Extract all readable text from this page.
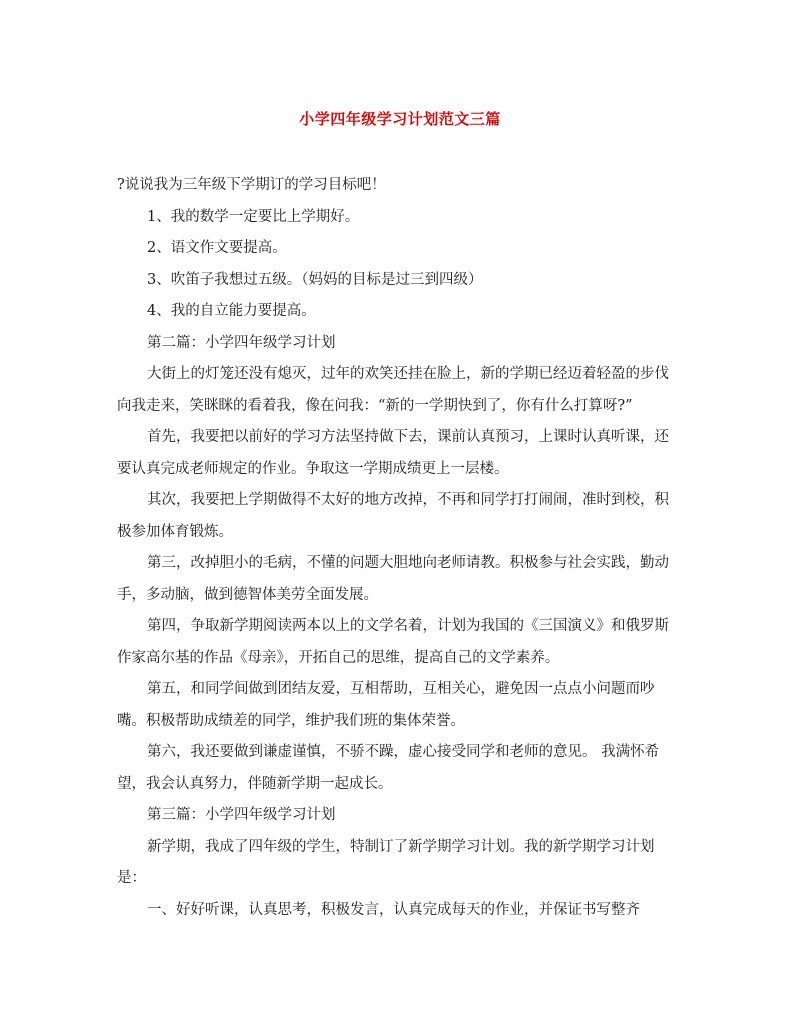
小学四年级学习计划范文三篇

?说说我为三年级下学期订的学习目标吧！

1、我的数学一定要比上学期好。

2、语文作文要提高。

3、吹笛子我想过五级。（妈妈的目标是过三到四级）

4、我的自立能力要提高。

第二篇：小学四年级学习计划

大街上的灯笼还没有熄灭，过年的欢笑还挂在脸上，新的学期已经迈着轻盈的步伐向我走来，笑眯眯的看着我，像在问我：“新的一学期快到了，你有什么打算呀?”

首先，我要把以前好的学习方法坚持做下去，课前认真预习，上课时认真听课，还要认真完成老师规定的作业。争取这一学期成绩更上一层楼。

其次，我要把上学期做得不太好的地方改掉，不再和同学打打闹闹，准时到校，积极参加体育锻炼。

第三，改掉胆小的毛病，不懂的问题大胆地向老师请教。积极参与社会实践，勤动手，多动脑，做到德智体美劳全面发展。

第四，争取新学期阅读两本以上的文学名着，计划为我国的《三国演义》和俄罗斯作家高尔基的作品《母亲》，开拓自己的思维，提高自己的文学素养。

第五，和同学间做到团结友爱，互相帮助，互相关心，避免因一点点小问题而吵嘴。积极帮助成绩差的同学，维护我们班的集体荣誉。

第六，我还要做到谦虚谨慎，不骄不躁，虚心接受同学和老师的意见。 我满怀希望，我会认真努力，伴随新学期一起成长。

第三篇：小学四年级学习计划

新学期，我成了四年级的学生，特制订了新学期学习计划。我的新学期学习计划是：

一、好好听课，认真思考，积极发言，认真完成每天的作业，并保证书写整齐
